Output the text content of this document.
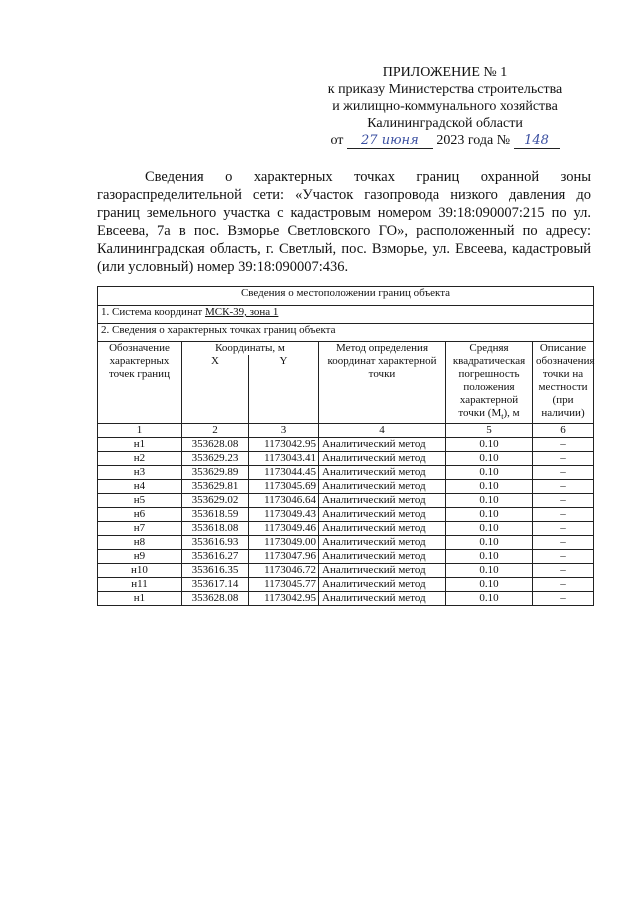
ПРИЛОЖЕНИЕ № 1
к приказу Министерства строительства
и жилищно-коммунального хозяйства
Калининградской области
от 27 июня 2023 года № 148
Сведения о характерных точках границ охранной зоны газораспределительной сети: «Участок газопровода низкого давления до границ земельного участка с кадастровым номером 39:18:090007:215 по ул. Евсеева, 7а в пос. Взморье Светловского ГО», расположенный по адресу: Калининградская область, г. Светлый, пос. Взморье, ул. Евсеева, кадастровый (или условный) номер 39:18:090007:436.
Сведения о местоположении границ объекта					
1. Система координат МСК-39, зона 1					
2. Сведения о характерных точках границ объекта					
Обозначение характерных точек границ	Координаты, м		Метод определения координат характерной точки	Средняя квадратическая погрешность положения характерной точки $(M_t)$, м	Описание обозначения точки на местности (при наличии)
	X	Y			
1	2	3	4	5	6
н1	353628.08	1173042.95	Аналитический метод	0.10	–
н2	353629.23	1173043.41	Аналитический метод	0.10	–
н3	353629.89	1173044.45	Аналитический метод	0.10	–
н4	353629.81	1173045.69	Аналитический метод	0.10	–
н5	353629.02	1173046.64	Аналитический метод	0.10	–
н6	353618.59	1173049.43	Аналитический метод	0.10	–
н7	353618.08	1173049.46	Аналитический метод	0.10	–
н8	353616.93	1173049.00	Аналитический метод	0.10	–
н9	353616.27	1173047.96	Аналитический метод	0.10	–
н10	353616.35	1173046.72	Аналитический метод	0.10	–
н11	353617.14	1173045.77	Аналитический метод	0.10	–
н1	353628.08	1173042.95	Аналитический метод	0.10	–
